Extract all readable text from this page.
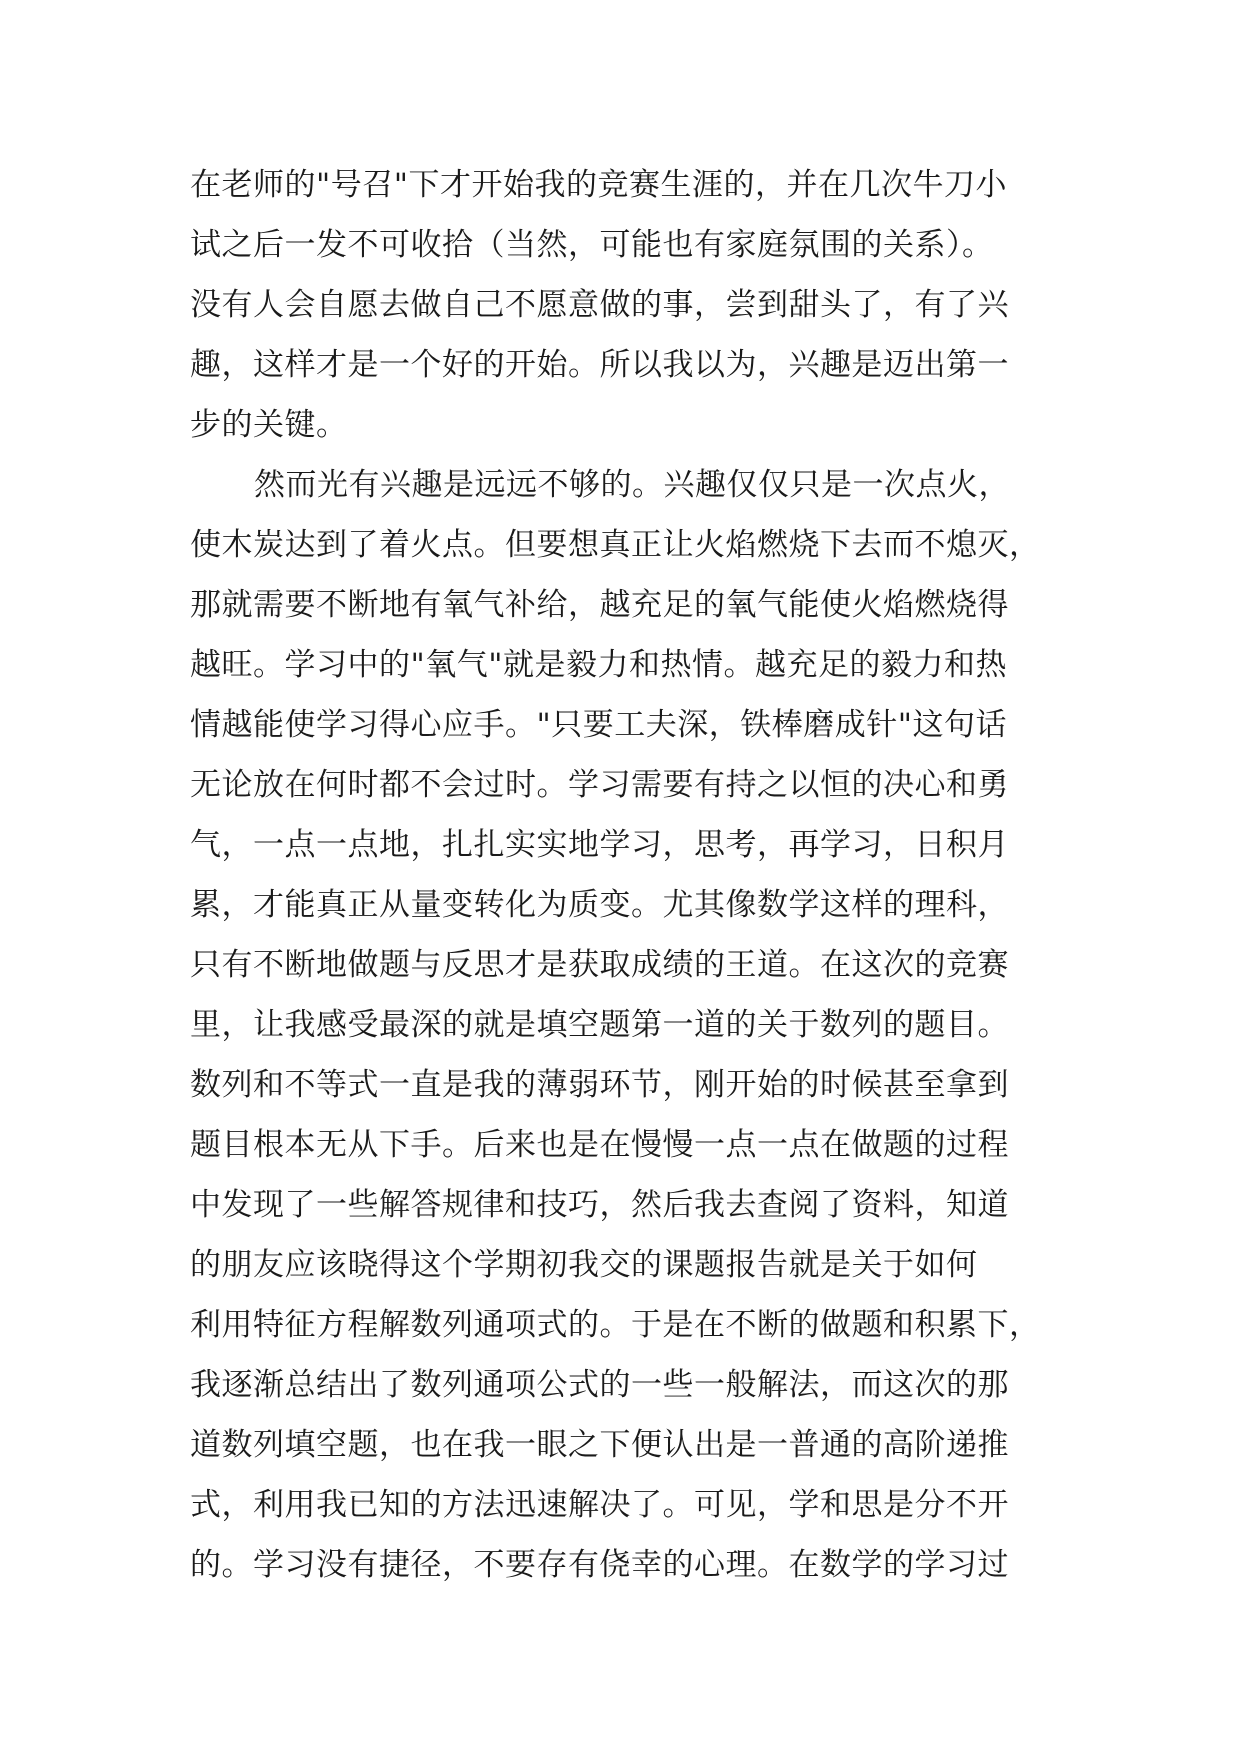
在老师的"号召"下才开始我的竞赛生涯的，并在几次牛刀小
试之后一发不可收拾（当然，可能也有家庭氛围的关系）。
没有人会自愿去做自己不愿意做的事，尝到甜头了，有了兴
趣，这样才是一个好的开始。所以我以为，兴趣是迈出第一
步的关键。
然而光有兴趣是远远不够的。兴趣仅仅只是一次点火，
使木炭达到了着火点。但要想真正让火焰燃烧下去而不熄灭，
那就需要不断地有氧气补给，越充足的氧气能使火焰燃烧得
越旺。学习中的"氧气"就是毅力和热情。越充足的毅力和热
情越能使学习得心应手。"只要工夫深，铁棒磨成针"这句话
无论放在何时都不会过时。学习需要有持之以恒的决心和勇
气，一点一点地，扎扎实实地学习，思考，再学习，日积月
累，才能真正从量变转化为质变。尤其像数学这样的理科，
只有不断地做题与反思才是获取成绩的王道。在这次的竞赛
里，让我感受最深的就是填空题第一道的关于数列的题目。
数列和不等式一直是我的薄弱环节，刚开始的时候甚至拿到
题目根本无从下手。后来也是在慢慢一点一点在做题的过程
中发现了一些解答规律和技巧，然后我去查阅了资料，知道
的朋友应该晓得这个学期初我交的课题报告就是关于如何
利用特征方程解数列通项式的。于是在不断的做题和积累下，
我逐渐总结出了数列通项公式的一些一般解法，而这次的那
道数列填空题，也在我一眼之下便认出是一普通的高阶递推
式，利用我已知的方法迅速解决了。可见，学和思是分不开
的。学习没有捷径，不要存有侥幸的心理。在数学的学习过
